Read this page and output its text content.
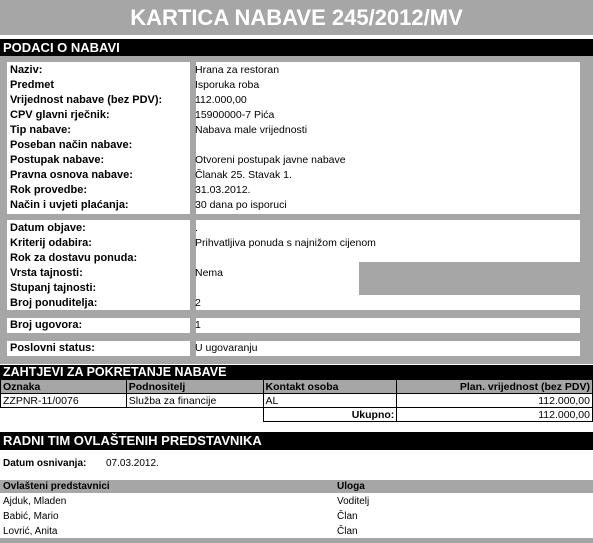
KARTICA NABAVE 245/2012/MV
PODACI O NABAVI
Naziv:	Hrana za restoran
Predmet	Isporuka roba
Vrijednost nabave (bez PDV):	112.000,00
CPV glavni rječnik:	15900000-7 Pića
Tip nabave:	Nabava male vrijednosti
Poseban način nabave:
Postupak nabave:	Otvoreni postupak javne nabave
Pravna osnova nabave:	Članak 25. Stavak 1.
Rok provedbe:	31.03.2012.
Način i uvjeti plaćanja:	30 dana po isporuci
Datum objave:	.
Kriterij odabira:	Prihvatljiva ponuda s najnižom cijenom
Rok za dostavu ponuda:
Vrsta tajnosti:	Nema
Stupanj tajnosti:
Broj ponuditelja:	2
Broj ugovora:	1
Poslovni status:	U ugovaranju
ZAHTJEVI ZA POKRETANJE NABAVE
Oznaka	Podnositelj	Kontakt osoba	Plan. vrijednost (bez PDV)
ZZPNR-11/0076	Služba za financije	AL	112.000,00
		Ukupno:	112.000,00
RADNI TIM OVLAŠTENIH PREDSTAVNIKA
Datum osnivanja: 07.03.2012.
Ovlašteni predstavnici	Uloga
Ajduk, Mladen	Voditelj
Babić, Mario	Član
Lovrić, Anita	Član
